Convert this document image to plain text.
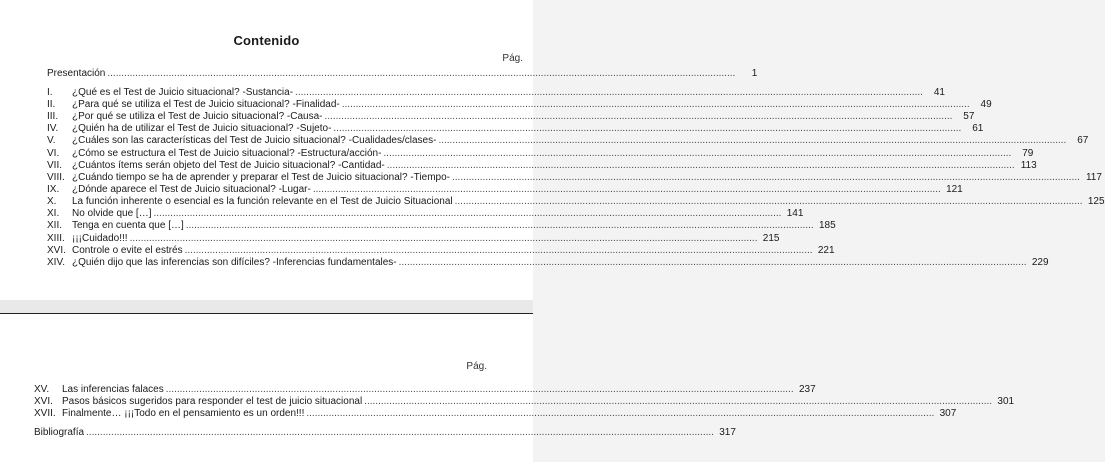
Contenido
Pág.
Presentación .....	1
I.	¿Qué es el Test de Juicio situacional? -Sustancia- .....	41
II.	¿Para qué se utiliza el Test de Juicio situacional? -Finalidad- .....	49
III.	¿Por qué se utiliza el Test de Juicio situacional? -Causa- .....	57
IV.	¿Quién ha de utilizar el Test de Juicio situacional? -Sujeto- .....	61
V.	¿Cuáles son las características del Test de Juicio situacional? -Cualidades/clases- .....	67
VI.	¿Cómo se estructura el Test de Juicio situacional? -Estructura/acción- .....	79
VII. ¿Cuántos ítems serán objeto del Test de Juicio situacional? -Cantidad- .....	113
VIII. ¿Cuándo tiempo se ha de aprender y preparar el Test de Juicio situacional? -Tiempo- .....	117
IX.	¿Dónde aparece el Test de Juicio situacional? -Lugar- .....	121
X.	La función inherente o esencial es la función relevante en el Test de Juicio Situacional .....	125
XI.	No olvide que […] .....	141
XII. Tenga en cuenta que […] .....	185
XIII. ¡¡¡Cuidado!!! .....	215
XVI. Controle o evite el estrés .....	221
XIV. ¿Quién dijo que las inferencias son difíciles? -Inferencias fundamentales- .....	229
Pág.
XV.	Las inferencias falaces .....	237
XVI. Pasos básicos sugeridos para responder el test de juicio situacional .....	301
XVII. Finalmente… ¡¡¡Todo en el pensamiento es un orden!!! .....	307
Bibliografía .....	317
